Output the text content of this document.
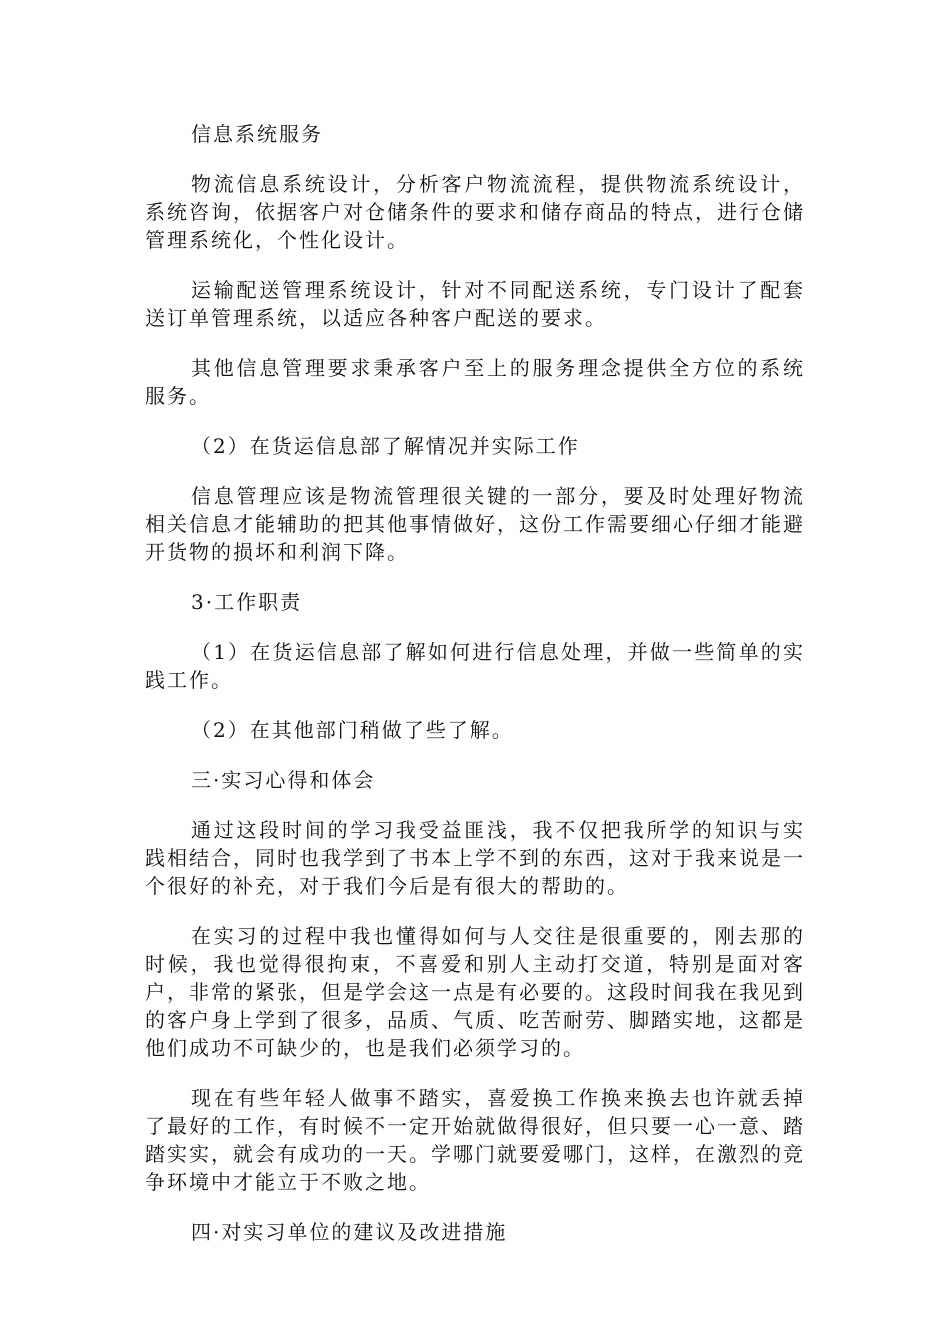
信息系统服务

物流信息系统设计，分析客户物流流程，提供物流系统设计，系统咨询，依据客户对仓储条件的要求和储存商品的特点，进行仓储管理系统化，个性化设计。

运输配送管理系统设计，针对不同配送系统，专门设计了配套送订单管理系统，以适应各种客户配送的要求。

其他信息管理要求秉承客户至上的服务理念提供全方位的系统服务。

（2）在货运信息部了解情况并实际工作

信息管理应该是物流管理很关键的一部分，要及时处理好物流相关信息才能辅助的把其他事情做好，这份工作需要细心仔细才能避开货物的损坏和利润下降。

3·工作职责

（1）在货运信息部了解如何进行信息处理，并做一些简单的实践工作。

（2）在其他部门稍做了些了解。

三·实习心得和体会

通过这段时间的学习我受益匪浅，我不仅把我所学的知识与实践相结合，同时也我学到了书本上学不到的东西，这对于我来说是一个很好的补充，对于我们今后是有很大的帮助的。

在实习的过程中我也懂得如何与人交往是很重要的，刚去那的时候，我也觉得很拘束，不喜爱和别人主动打交道，特别是面对客户，非常的紧张，但是学会这一点是有必要的。这段时间我在我见到的客户身上学到了很多，品质、气质、吃苦耐劳、脚踏实地，这都是他们成功不可缺少的，也是我们必须学习的。

现在有些年轻人做事不踏实，喜爱换工作换来换去也许就丢掉了最好的工作，有时候不一定开始就做得很好，但只要一心一意、踏踏实实，就会有成功的一天。学哪门就要爱哪门，这样，在激烈的竞争环境中才能立于不败之地。

四·对实习单位的建议及改进措施
